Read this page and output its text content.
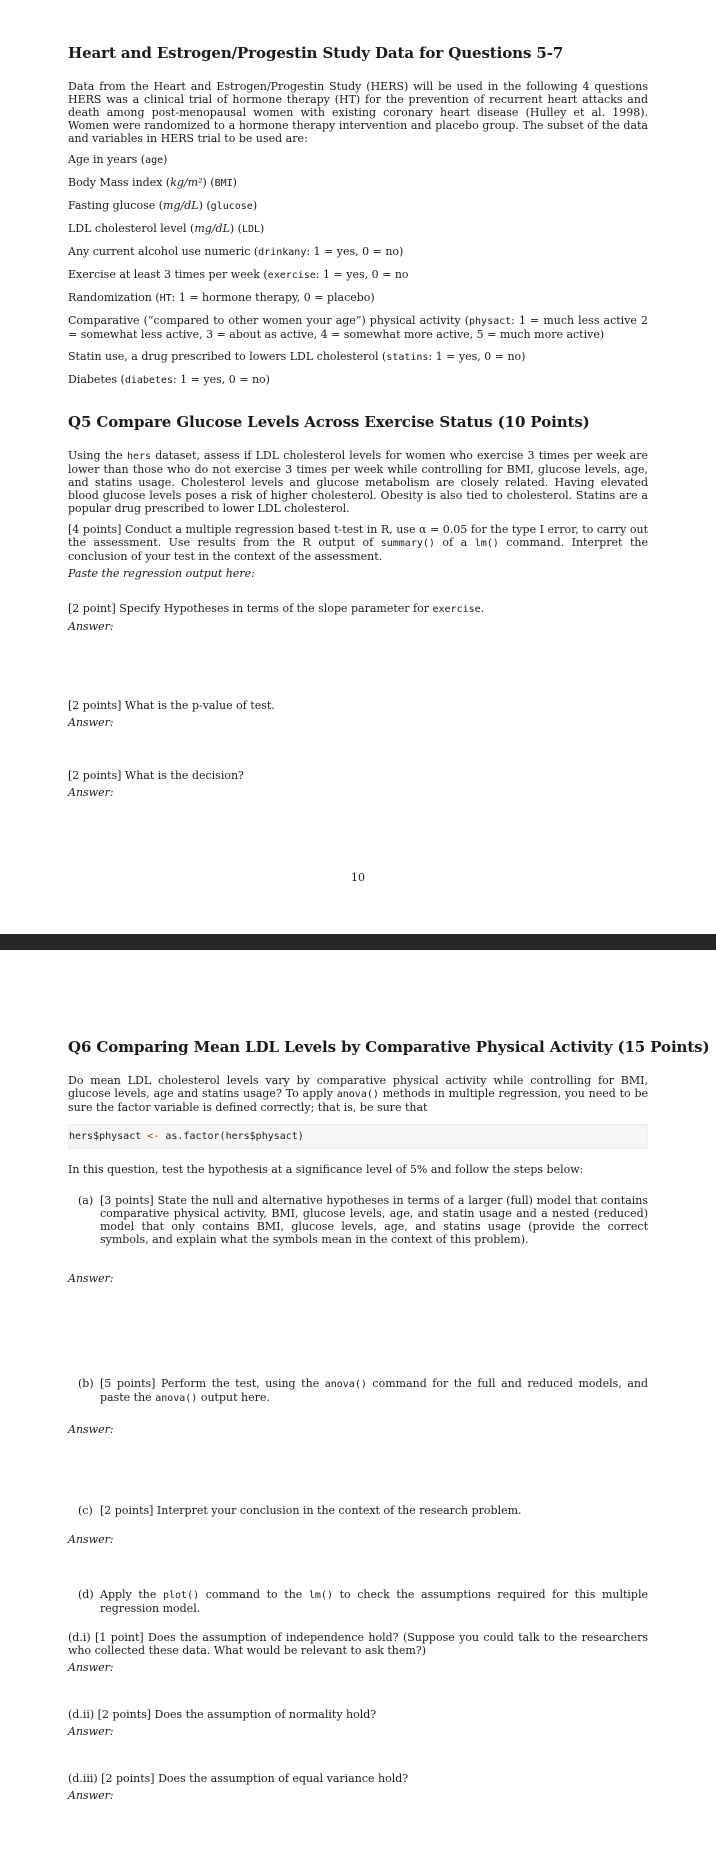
Heart and Estrogen/Progestin Study Data for Questions 5-7

Data from the Heart and Estrogen/Progestin Study (HERS) will be used in the following 4 questions HERS was a clinical trial of hormone therapy (HT) for the prevention of recurrent heart attacks and death among post-menopausal women with existing coronary heart disease (Hulley et al. 1998). Women were randomized to a hormone therapy intervention and placebo group. The subset of the data and variables in HERS trial to be used are:

Age in years (age)

Body Mass index (kg/m²) (BMI)

Fasting glucose (mg/dL) (glucose)

LDL cholesterol level (mg/dL) (LDL)

Any current alcohol use numeric (drinkany: 1 = yes, 0 = no)

Exercise at least 3 times per week (exercise: 1 = yes, 0 = no

Randomization (HT: 1 = hormone therapy, 0 = placebo)

Comparative (“compared to other women your age”) physical activity (physact: 1 = much less active 2 = somewhat less active, 3 = about as active, 4 = somewhat more active, 5 = much more active)

Statin use, a drug prescribed to lowers LDL cholesterol (statins: 1 = yes, 0 = no)

Diabetes (diabetes: 1 = yes, 0 = no)

Q5 Compare Glucose Levels Across Exercise Status (10 Points)

Using the hers dataset, assess if LDL cholesterol levels for women who exercise 3 times per week are lower than those who do not exercise 3 times per week while controlling for BMI, glucose levels, age, and statins usage. Cholesterol levels and glucose metabolism are closely related. Having elevated blood glucose levels poses a risk of higher cholesterol. Obesity is also tied to cholesterol. Statins are a popular drug prescribed to lower LDL cholesterol.

[4 points] Conduct a multiple regression based t-test in R, use α = 0.05 for the type I error, to carry out the assessment. Use results from the R output of summary() of a lm() command. Interpret the conclusion of your test in the context of the assessment.

Paste the regression output here:

[2 point] Specify Hypotheses in terms of the slope parameter for exercise.

Answer:

[2 points] What is the p-value of test.

Answer:

[2 points] What is the decision?

Answer:

10
Q6 Comparing Mean LDL Levels by Comparative Physical Activity (15 Points)

Do mean LDL cholesterol levels vary by comparative physical activity while controlling for BMI, glucose levels, age and statins usage? To apply anova() methods in multiple regression, you need to be sure the factor variable is defined correctly; that is, be sure that

hers$physact <- as.factor(hers$physact)

In this question, test the hypothesis at a significance level of 5% and follow the steps below:

(a) [3 points] State the null and alternative hypotheses in terms of a larger (full) model that contains comparative physical activity, BMI, glucose levels, age, and statin usage and a nested (reduced) model that only contains BMI, glucose levels, age, and statins usage (provide the correct symbols, and explain what the symbols mean in the context of this problem).

Answer:

(b) [5 points] Perform the test, using the anova() command for the full and reduced models, and paste the anova() output here.

Answer:

(c) [2 points] Interpret your conclusion in the context of the research problem.

Answer:

(d) Apply the plot() command to the lm() to check the assumptions required for this multiple regression model.

(d.i) [1 point] Does the assumption of independence hold? (Suppose you could talk to the researchers who collected these data. What would be relevant to ask them?)

Answer:

(d.ii) [2 points] Does the assumption of normality hold?

Answer:

(d.iii) [2 points] Does the assumption of equal variance hold?

Answer:
